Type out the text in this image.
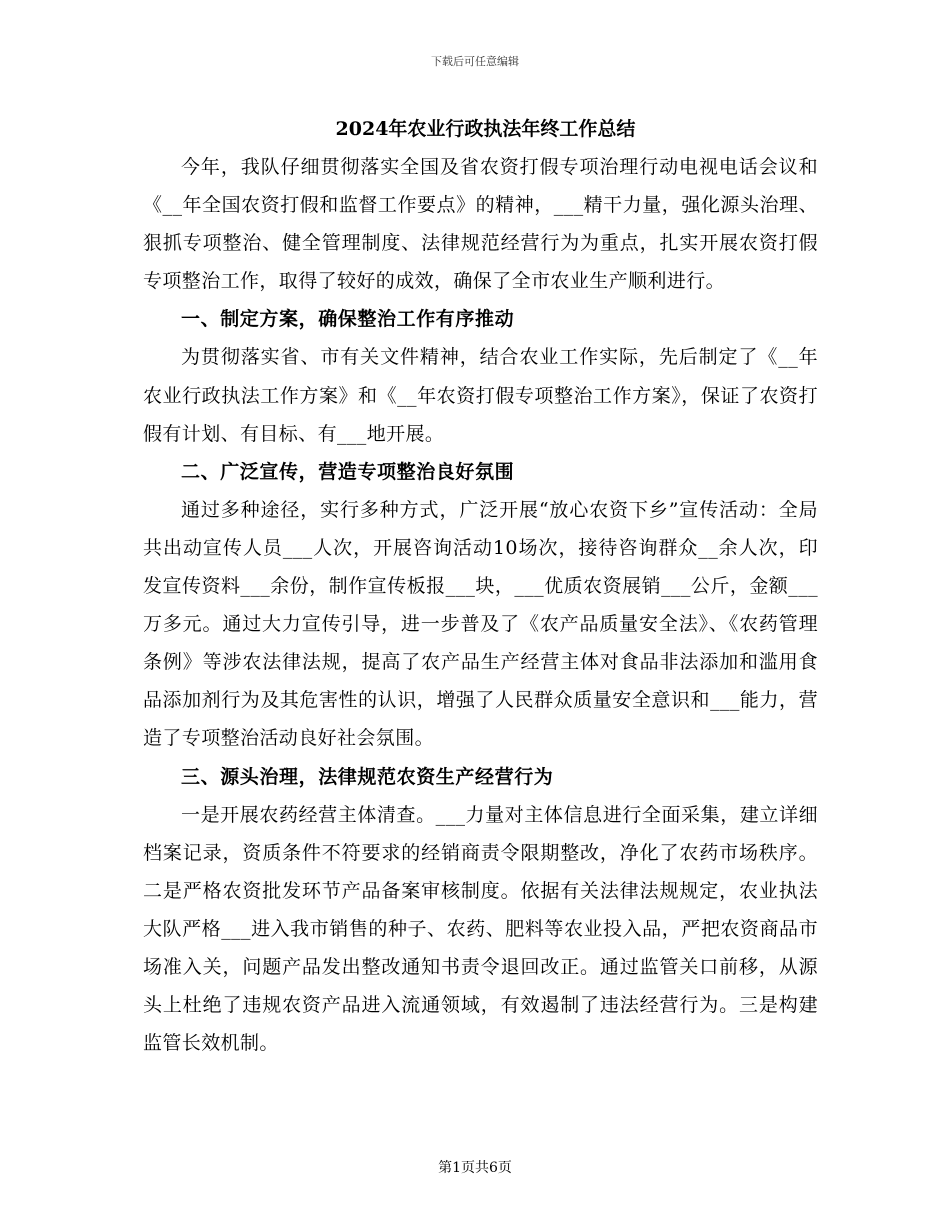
下载后可任意编辑
2024年农业行政执法年终工作总结

今年，我队仔细贯彻落实全国及省农资打假专项治理行动电视电话会议和《__年全国农资打假和监督工作要点》的精神，___精干力量，强化源头治理、狠抓专项整治、健全管理制度、法律规范经营行为为重点，扎实开展农资打假专项整治工作，取得了较好的成效，确保了全市农业生产顺利进行。

一、制定方案，确保整治工作有序推动

为贯彻落实省、市有关文件精神，结合农业工作实际，先后制定了《__年农业行政执法工作方案》和《__年农资打假专项整治工作方案》，保证了农资打假有计划、有目标、有___地开展。

二、广泛宣传，营造专项整治良好氛围

通过多种途径，实行多种方式，广泛开展“放心农资下乡”宣传活动：全局共出动宣传人员___人次，开展咨询活动10场次，接待咨询群众__余人次，印发宣传资料___余份，制作宣传板报___块，___优质农资展销___公斤，金额___万多元。通过大力宣传引导，进一步普及了《农产品质量安全法》、《农药管理条例》等涉农法律法规，提高了农产品生产经营主体对食品非法添加和滥用食品添加剂行为及其危害性的认识，增强了人民群众质量安全意识和___能力，营造了专项整治活动良好社会氛围。

三、源头治理，法律规范农资生产经营行为

一是开展农药经营主体清查。___力量对主体信息进行全面采集，建立详细档案记录，资质条件不符要求的经销商责令限期整改，净化了农药市场秩序。二是严格农资批发环节产品备案审核制度。依据有关法律法规规定，农业执法大队严格___进入我市销售的种子、农药、肥料等农业投入品，严把农资商品市场准入关，问题产品发出整改通知书责令退回改正。通过监管关口前移，从源头上杜绝了违规农资产品进入流通领域，有效遏制了违法经营行为。三是构建监管长效机制。

第1页共6页
